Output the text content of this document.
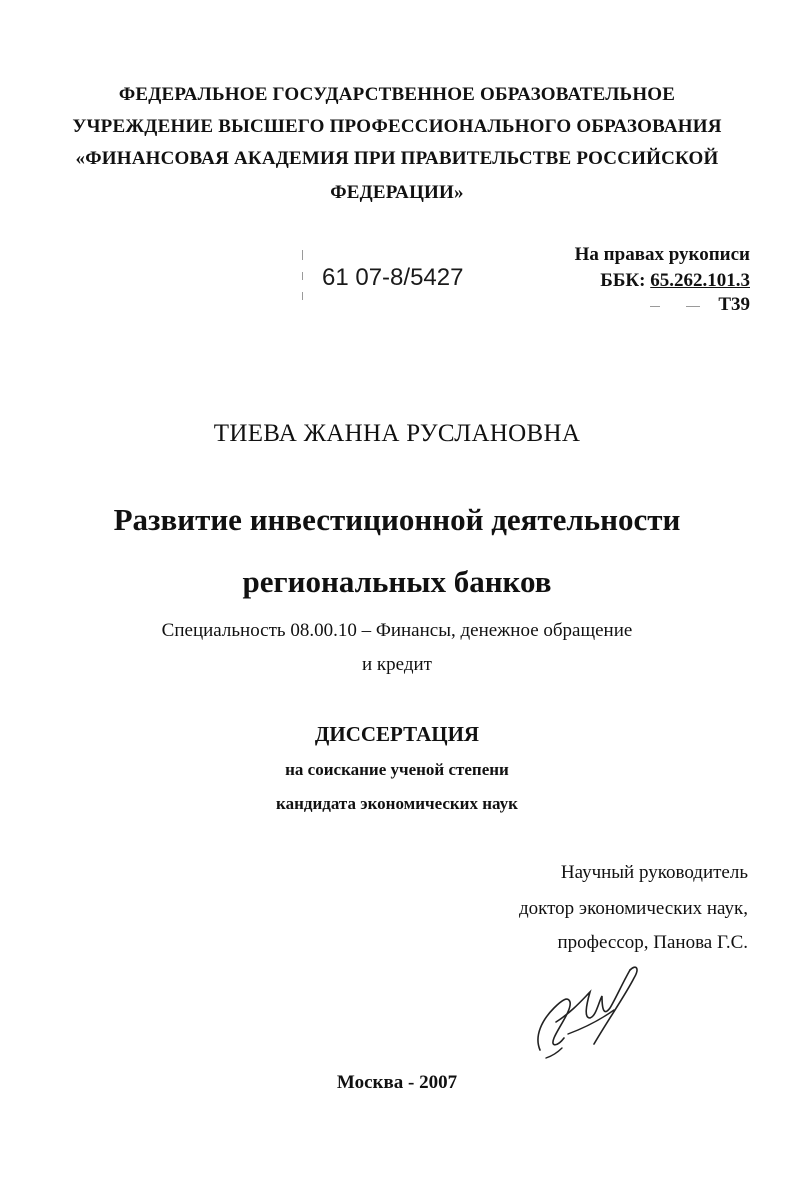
ФЕДЕРАЛЬНОЕ ГОСУДАРСТВЕННОЕ ОБРАЗОВАТЕЛЬНОЕ
УЧРЕЖДЕНИЕ ВЫСШЕГО ПРОФЕССИОНАЛЬНОГО ОБРАЗОВАНИЯ
«ФИНАНСОВАЯ АКАДЕМИЯ ПРИ ПРАВИТЕЛЬСТВЕ РОССИЙСКОЙ
ФЕДЕРАЦИИ»
61 07-8/5427
На правах рукописи
ББК: 65.262.101.3
Т39
ТИЕВА ЖАННА РУСЛАНОВНА
Развитие инвестиционной деятельности
региональных банков
Специальность 08.00.10 – Финансы, денежное обращение
и кредит
ДИССЕРТАЦИЯ
на соискание ученой степени
кандидата экономических наук
Научный руководитель
доктор экономических наук,
профессор, Панова Г.С.
Москва - 2007
